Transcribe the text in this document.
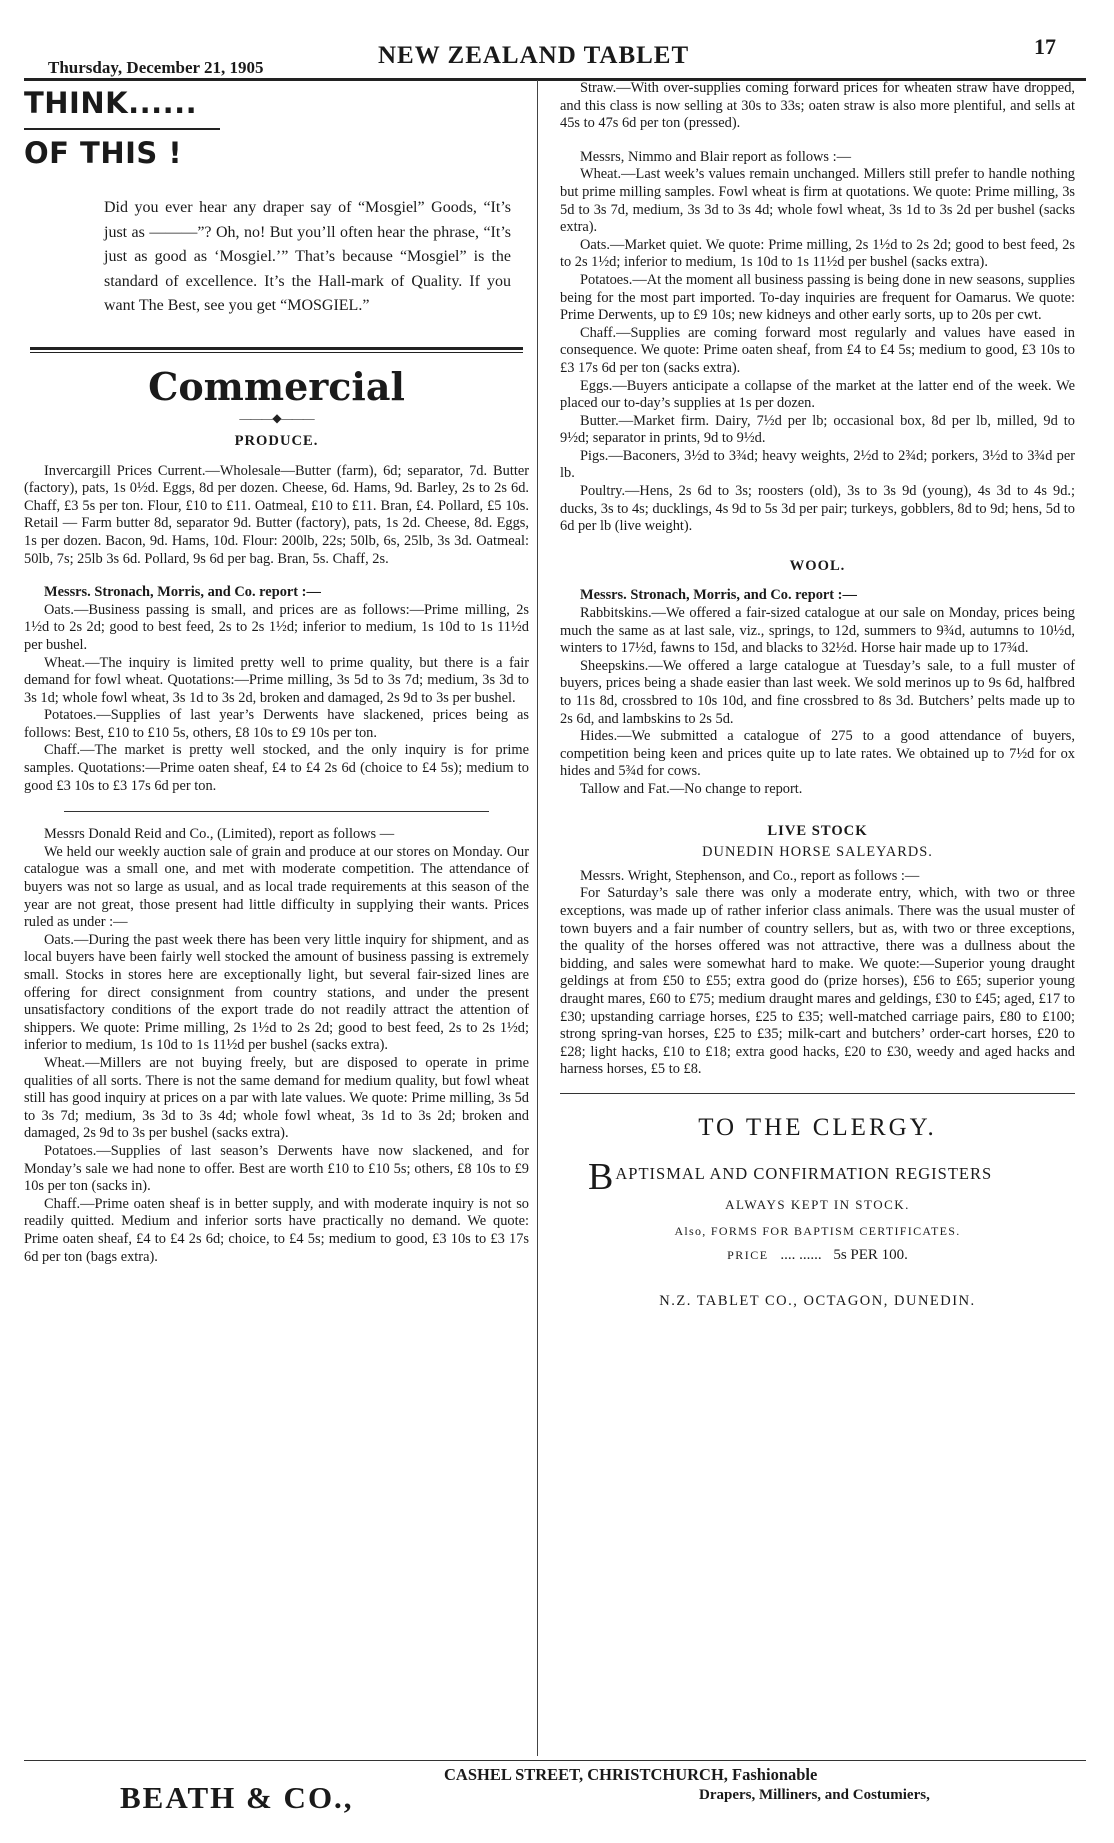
Thursday, December 21, 1905	NEW ZEALAND TABLET	17
THINK......
OF THIS !
Did you ever hear any draper say of “Mosgiel” Goods, “It’s just as ———”? Oh, no! But you’ll often hear the phrase, “It’s just as good as ‘Mosgiel.’” That’s because “Mosgiel” is the standard of excellence. It’s the Hall-mark of Quality. If you want The Best, see you get “MOSGIEL.”
Commercial
———◆———
PRODUCE.

Invercargill Prices Current.—Wholesale—Butter (farm), 6d; separator, 7d. Butter (factory), pats, 1s 0½d. Eggs, 8d per dozen. Cheese, 6d. Hams, 9d. Barley, 2s to 2s 6d. Chaff, £3 5s per ton. Flour, £10 to £11. Oatmeal, £10 to £11. Bran, £4. Pollard, £5 10s. Retail — Farm butter 8d, separator 9d. Butter (factory), pats, 1s 2d. Cheese, 8d. Eggs, 1s per dozen. Bacon, 9d. Hams, 10d. Flour: 200lb, 22s; 50lb, 6s, 25lb, 3s 3d. Oatmeal: 50lb, 7s; 25lb 3s 6d. Pollard, 9s 6d per bag. Bran, 5s. Chaff, 2s.

Messrs. Stronach, Morris, and Co. report :—

Oats.—Business passing is small, and prices are as follows:—Prime milling, 2s 1½d to 2s 2d; good to best feed, 2s to 2s 1½d; inferior to medium, 1s 10d to 1s 11½d per bushel.

Wheat.—The inquiry is limited pretty well to prime quality, but there is a fair demand for fowl wheat. Quotations:—Prime milling, 3s 5d to 3s 7d; medium, 3s 3d to 3s 1d; whole fowl wheat, 3s 1d to 3s 2d, broken and damaged, 2s 9d to 3s per bushel.

Potatoes.—Supplies of last year’s Derwents have slackened, prices being as follows: Best, £10 to £10 5s, others, £8 10s to £9 10s per ton.

Chaff.—The market is pretty well stocked, and the only inquiry is for prime samples. Quotations:—Prime oaten sheaf, £4 to £4 2s 6d (choice to £4 5s); medium to good £3 10s to £3 17s 6d per ton.

Messrs Donald Reid and Co., (Limited), report as follows —

We held our weekly auction sale of grain and produce at our stores on Monday. Our catalogue was a small one, and met with moderate competition. The attendance of buyers was not so large as usual, and as local trade requirements at this season of the year are not great, those present had little difficulty in supplying their wants. Prices ruled as under :—

Oats.—During the past week there has been very little inquiry for shipment, and as local buyers have been fairly well stocked the amount of business passing is extremely small. Stocks in stores here are exceptionally light, but several fair-sized lines are offering for direct consignment from country stations, and under the present unsatisfactory conditions of the export trade do not readily attract the attention of shippers. We quote: Prime milling, 2s 1½d to 2s 2d; good to best feed, 2s to 2s 1½d; inferior to medium, 1s 10d to 1s 11½d per bushel (sacks extra).

Wheat.—Millers are not buying freely, but are disposed to operate in prime qualities of all sorts. There is not the same demand for medium quality, but fowl wheat still has good inquiry at prices on a par with late values. We quote: Prime milling, 3s 5d to 3s 7d; medium, 3s 3d to 3s 4d; whole fowl wheat, 3s 1d to 3s 2d; broken and damaged, 2s 9d to 3s per bushel (sacks extra).

Potatoes.—Supplies of last season’s Derwents have now slackened, and for Monday’s sale we had none to offer. Best are worth £10 to £10 5s; others, £8 10s to £9 10s per ton (sacks in).

Chaff.—Prime oaten sheaf is in better supply, and with moderate inquiry is not so readily quitted. Medium and inferior sorts have practically no demand. We quote: Prime oaten sheaf, £4 to £4 2s 6d; choice, to £4 5s; medium to good, £3 10s to £3 17s 6d per ton (bags extra).

Straw.—With over-supplies coming forward prices for wheaten straw have dropped, and this class is now selling at 30s to 33s; oaten straw is also more plentiful, and sells at 45s to 47s 6d per ton (pressed).

Messrs, Nimmo and Blair report as follows :—

Wheat.—Last week’s values remain unchanged. Millers still prefer to handle nothing but prime milling samples. Fowl wheat is firm at quotations. We quote: Prime milling, 3s 5d to 3s 7d, medium, 3s 3d to 3s 4d; whole fowl wheat, 3s 1d to 3s 2d per bushel (sacks extra).

Oats.—Market quiet. We quote: Prime milling, 2s 1½d to 2s 2d; good to best feed, 2s to 2s 1½d; inferior to medium, 1s 10d to 1s 11½d per bushel (sacks extra).

Potatoes.—At the moment all business passing is being done in new seasons, supplies being for the most part imported. To-day inquiries are frequent for Oamarus. We quote: Prime Derwents, up to £9 10s; new kidneys and other early sorts, up to 20s per cwt.

Chaff.—Supplies are coming forward most regularly and values have eased in consequence. We quote: Prime oaten sheaf, from £4 to £4 5s; medium to good, £3 10s to £3 17s 6d per ton (sacks extra).

Eggs.—Buyers anticipate a collapse of the market at the latter end of the week. We placed our to-day’s supplies at 1s per dozen.

Butter.—Market firm. Dairy, 7½d per lb; occasional box, 8d per lb, milled, 9d to 9½d; separator in prints, 9d to 9½d.

Pigs.—Baconers, 3½d to 3¾d; heavy weights, 2½d to 2¾d; porkers, 3½d to 3¾d per lb.

Poultry.—Hens, 2s 6d to 3s; roosters (old), 3s to 3s 9d (young), 4s 3d to 4s 9d.; ducks, 3s to 4s; ducklings, 4s 9d to 5s 3d per pair; turkeys, gobblers, 8d to 9d; hens, 5d to 6d per lb (live weight).

WOOL.

Messrs. Stronach, Morris, and Co. report :—

Rabbitskins.—We offered a fair-sized catalogue at our sale on Monday, prices being much the same as at last sale, viz., springs, to 12d, summers to 9¾d, autumns to 10½d, winters to 17½d, fawns to 15d, and blacks to 32½d. Horse hair made up to 17¾d.

Sheepskins.—We offered a large catalogue at Tuesday’s sale, to a full muster of buyers, prices being a shade easier than last week. We sold merinos up to 9s 6d, halfbred to 11s 8d, crossbred to 10s 10d, and fine crossbred to 8s 3d. Butchers’ pelts made up to 2s 6d, and lambskins to 2s 5d.

Hides.—We submitted a catalogue of 275 to a good attendance of buyers, competition being keen and prices quite up to late rates. We obtained up to 7½d for ox hides and 5¾d for cows.

Tallow and Fat.—No change to report.

LIVE STOCK
DUNEDIN HORSE SALEYARDS.

Messrs. Wright, Stephenson, and Co., report as follows :—

For Saturday’s sale there was only a moderate entry, which, with two or three exceptions, was made up of rather inferior class animals. There was the usual muster of town buyers and a fair number of country sellers, but as, with two or three exceptions, the quality of the horses offered was not attractive, there was a dullness about the bidding, and sales were somewhat hard to make. We quote:—Superior young draught geldings at from £50 to £55; extra good do (prize horses), £56 to £65; superior young draught mares, £60 to £75; medium draught mares and geldings, £30 to £45; aged, £17 to £30; upstanding carriage horses, £25 to £35; well-matched carriage pairs, £80 to £100; strong spring-van horses, £25 to £35; milk-cart and butchers’ order-cart horses, £20 to £28; light hacks, £10 to £18; extra good hacks, £20 to £30, weedy and aged hacks and harness horses, £5 to £8.

TO THE CLERGY.
BAPTISMAL AND CONFIRMATION REGISTERS
ALWAYS KEPT IN STOCK.
Also, FORMS FOR BAPTISM CERTIFICATES.
PRICE .... ...... 5s PER 100.
N.Z. TABLET CO., OCTAGON, DUNEDIN.
BEATH & CO.,
CASHEL STREET, CHRISTCHURCH, Fashionable
Drapers, Milliners, and Costumiers,
